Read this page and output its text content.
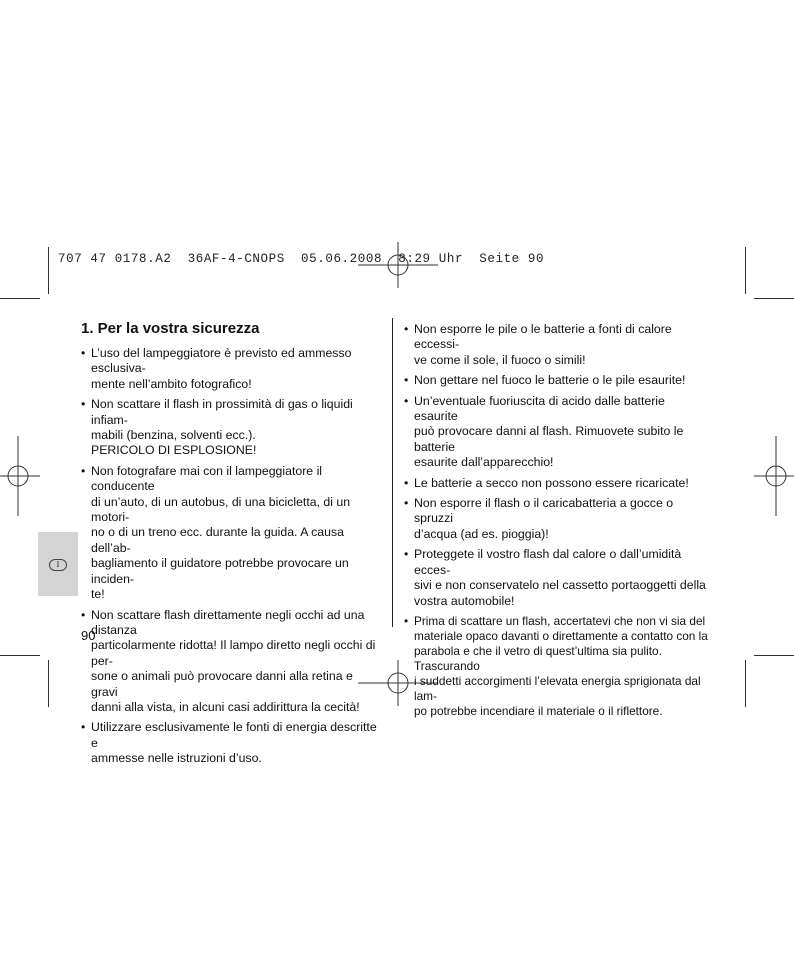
707 47 0178.A2  36AF-4-CNOPS  05.06.2008  8:29 Uhr  Seite 90
1. Per la vostra sicurezza
• L’uso del lampeggiatore è previsto ed ammesso esclusiva-
mente nell’ambito fotografico!
• Non scattare il flash in prossimità di gas o liquidi infiam-
mabili (benzina, solventi ecc.).
PERICOLO DI ESPLOSIONE!
• Non fotografare mai con il lampeggiatore il conducente
di un’auto, di un autobus, di una bicicletta, di un motori-
no o di un treno ecc. durante la guida. A causa dell’ab-
bagliamento il guidatore potrebbe provocare un inciden-
te!
• Non scattare flash direttamente negli occhi ad una distanza
particolarmente ridotta! Il lampo diretto negli occhi di per-
sone o animali può provocare danni alla retina e gravi
danni alla vista, in alcuni casi addirittura la cecità!
• Utilizzare esclusivamente le fonti di energia descritte e
ammesse nelle istruzioni d’uso.
• Non esporre le pile o le batterie a fonti di calore eccessi-
ve come il sole, il fuoco o simili!
• Non gettare nel fuoco le batterie o le pile esaurite!
• Un’eventuale fuoriuscita di acido dalle batterie esaurite
può provocare danni al flash. Rimuovete subito le batterie
esaurite dall’apparecchio!
• Le batterie a secco non possono essere ricaricate!
• Non esporre il flash o il caricabatteria a gocce o spruzzi
d’acqua (ad es. pioggia)!
• Proteggete il vostro flash dal calore o dall’umidità ecces-
sivi e non conservatelo nel cassetto portaoggetti della
vostra automobile!
• Prima di scattare un flash, accertatevi che non vi sia del
materiale opaco davanti o direttamente a contatto con la
parabola e che il vetro di quest’ultima sia pulito. Trascurando
i suddetti accorgimenti l’elevata energia sprigionata dal lam-
po potrebbe incendiare il materiale o il riflettore.
I
90
